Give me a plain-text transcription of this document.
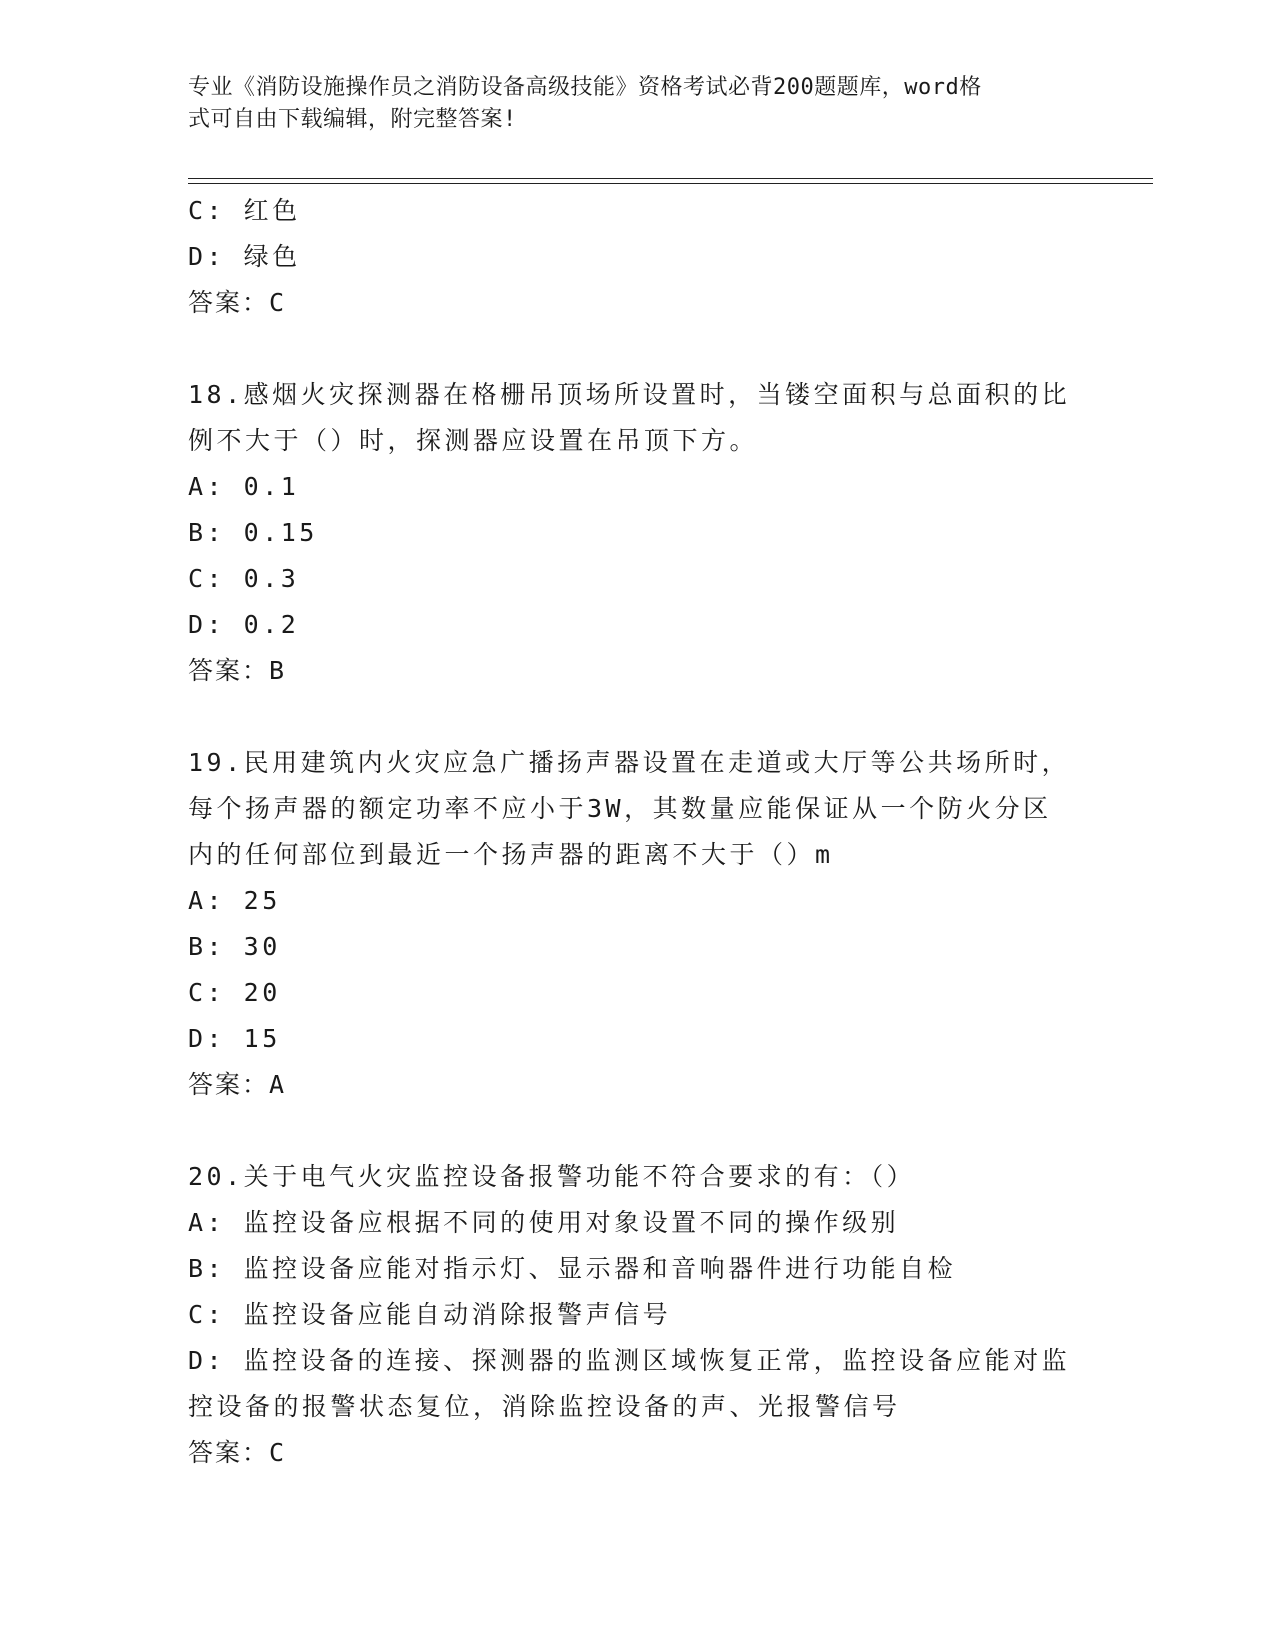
专业《消防设施操作员之消防设备高级技能》资格考试必背200题题库，word格
式可自由下载编辑，附完整答案!
C: 红色
D: 绿色
答案：C
18.感烟火灾探测器在格栅吊顶场所设置时，当镂空面积与总面积的比
例不大于（）时，探测器应设置在吊顶下方。
A: 0.1
B: 0.15
C: 0.3
D: 0.2
答案：B
19.民用建筑内火灾应急广播扬声器设置在走道或大厅等公共场所时，
每个扬声器的额定功率不应小于3W，其数量应能保证从一个防火分区
内的任何部位到最近一个扬声器的距离不大于（）m
A: 25
B: 30
C: 20
D: 15
答案：A
20.关于电气火灾监控设备报警功能不符合要求的有：（）
A: 监控设备应根据不同的使用对象设置不同的操作级别
B: 监控设备应能对指示灯、显示器和音响器件进行功能自检
C: 监控设备应能自动消除报警声信号
D: 监控设备的连接、探测器的监测区域恢复正常，监控设备应能对监
控设备的报警状态复位，消除监控设备的声、光报警信号
答案：C
